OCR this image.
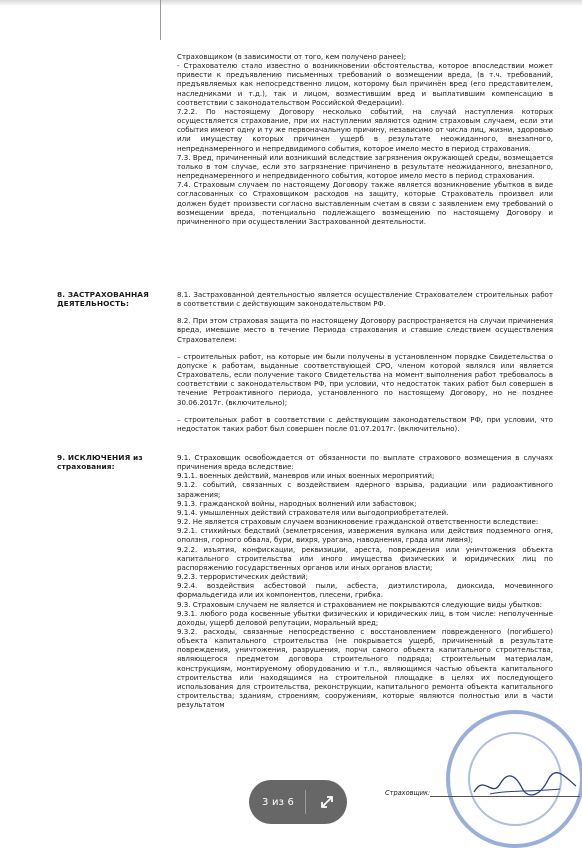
Страховщиком (в зависимости от того, кем получено ранее);

- Страхователю стало известно о возникновении обстоятельства, которое впоследствии может привести к предъявлению письменных требований о возмещении вреда, (в т.ч. требований, предъявляемых как непосредственно лицом, которому был причинён вред (его представителем, наследниками и т.д.), так и лицом, возместившим вред и выплатившим компенсацию в соответствии с законодательством Российской Федерации).

7.2.2. По настоящему Договору несколько событий, на случай наступления которых осуществляется страхование, при их наступлении являются одним страховым случаем, если эти события имеют одну и ту же первоначальную причину, независимо от числа лиц, жизни, здоровью или имуществу которых причинен ущерб в результате неожиданного, внезапного, непреднамеренного и непредвидимого события, которое имело место в период страхования.

7.3. Вред, причиненный или возникший вследствие загрязнения окружающей среды, возмещается только в том случае, если это загрязнение причинено в результате неожиданного, внезапного, непреднамеренного и непредвиденного события, которое имело место в период страхования.

7.4. Страховым случаем по настоящему Договору также является возникновение убытков в виде согласованных со Страховщиком расходов на защиту, которые Страхователь произвел или должен будет произвести согласно выставленным счетам в связи с заявлением ему требований о возмещении вреда, потенциально подлежащего возмещению по настоящему Договору и причиненного при осуществлении Застрахованной деятельности.

8. ЗАСТРАХОВАННАЯ ДЕЯТЕЛЬНОСТЬ:

8.1. Застрахованной деятельностью является осуществление Страхователем строительных работ в соответствии с действующим законодательством РФ.

8.2. При этом страховая защита по настоящему Договору распространяется на случаи причинения вреда, имевшие место в течение Периода страхования и ставшие следствием осуществления Страхователем:

– строительных работ, на которые им были получены в установленном порядке Свидетельства о допуске к работам, выданные соответствующей СРО, членом которой являлся или является Страхователь, если получение такого Свидетельства на момент выполнения работ требовалось в соответствии с законодательством РФ, при условии, что недостаток таких работ был совершен в течение Ретроактивного периода, установленного по настоящему Договору, но не позднее 30.06.2017г. (включительно);

– строительных работ в соответствии с действующим законодательством РФ, при условии, что недостаток таких работ был совершен после 01.07.2017г. (включительно).

9. ИСКЛЮЧЕНИЯ из страхования:

9.1. Страховщик освобождается от обязанности по выплате страхового возмещения в случаях причинения вреда вследствие:

9.1.1. военных действий, маневров или иных военных мероприятий;

9.1.2. событий, связанных с воздействием ядерного взрыва, радиации или радиоактивного заражения;

9.1.3. гражданской войны, народных волнений или забастовок;

9.1.4. умышленных действий страхователя или выгодоприобретателей.

9.2. Не является страховым случаем возникновение гражданской ответственности вследствие:

9.2.1. стихийных бедствий (землетрясения, извержения вулкана или действия подземного огня, оползня, горного обвала, бури, вихря, урагана, наводнения, града или ливня);

9.2.2. изъятия, конфискации, реквизиции, ареста, повреждения или уничтожения объекта капитального строительства или иного имущества физических и юридических лиц по распоряжению государственных органов или иных органов власти;

9.2.3. террористических действий;

9.2.4. воздействия асбестовой пыли, асбеста, диэтилстирола, диоксида, мочевинного формальдегида или их компонентов, плесени, грибка.

9.3. Страховым случаем не является и страхованием не покрываются следующие виды убытков:

9.3.1. любого рода косвенные убытки физических и юридических лиц, в том числе: неполученные доходы, ущерб деловой репутации, моральный вред;

9.3.2. расходы, связанные непосредственно с восстановлением поврежденного (погибшего) объекта капитального строительства (не покрывается ущерб, причиненный в результате повреждения, уничтожения, разрушения, порчи самого объекта капитального строительства, являющегося предметом договора строительного подряда; строительным материалам, конструкциям, монтируемому оборудованию и т.п., являющимся частью объекта капитального строительства или находящимся на строительной площадке в целях их последующего использования для строительства, реконструкции, капитального ремонта объекта капитального строительства; зданиям, строениям, сооружениям, которые являются полностью или в части результатом

Страховщик:
3 из 6
